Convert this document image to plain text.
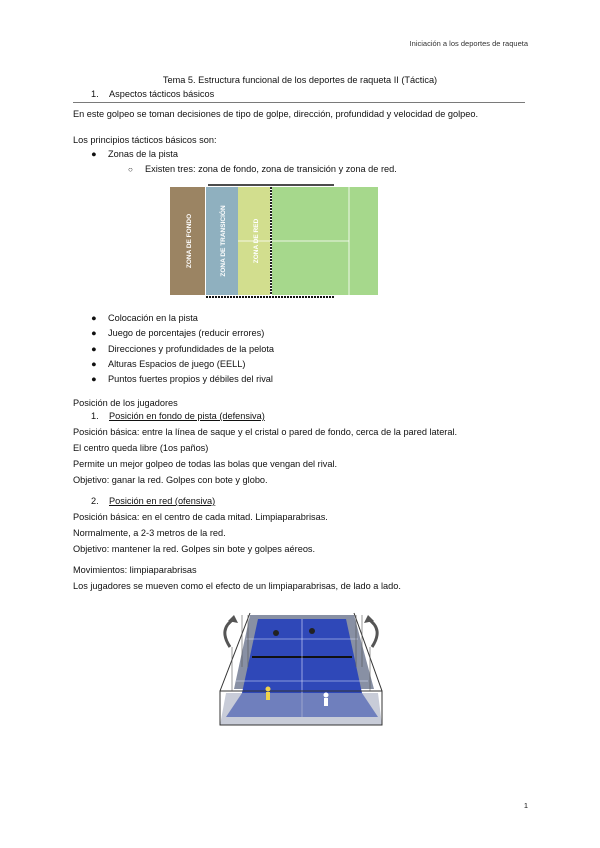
Iniciación a los deportes de raqueta
Tema 5. Estructura funcional de los deportes de raqueta II (Táctica)
1. Aspectos tácticos básicos
En este golpeo se toman decisiones de tipo de golpe, dirección, profundidad y velocidad de golpeo.
Los principios tácticos básicos son:
● Zonas de la pista
○ Existen tres: zona de fondo, zona de transición y zona de red.
ZONA DE FONDO	ZONA DE TRANSICIÓN	ZONA DE RED
● Colocación en la pista
● Juego de porcentajes (reducir errores)
● Direcciones y profundidades de la pelota
● Alturas Espacios de juego (EELL)
● Puntos fuertes propios y débiles del rival
Posición de los jugadores
1. Posición en fondo de pista (defensiva)
Posición básica: entre la línea de saque y el cristal o pared de fondo, cerca de la pared lateral.
El centro queda libre (1os paños)
Permite un mejor golpeo de todas las bolas que vengan del rival.
Objetivo: ganar la red. Golpes con bote y globo.
2. Posición en red (ofensiva)
Posición básica: en el centro de cada mitad. Limpiaparabrisas.
Normalmente, a 2-3 metros de la red.
Objetivo: mantener la red. Golpes sin bote y golpes aéreos.
Movimientos: limpiaparabrisas
Los jugadores se mueven como el efecto de un limpiaparabrisas, de lado a lado.
1
